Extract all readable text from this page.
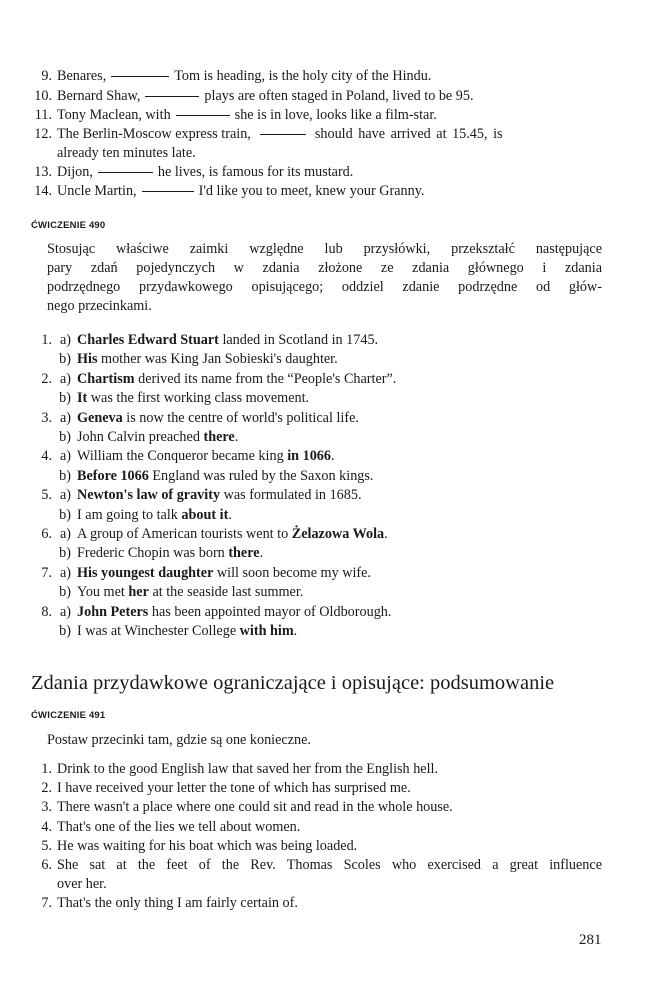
9. Benares,	Tom is heading, is the holy city of the Hindu.
10. Bernard Shaw,	plays are often staged in Poland, lived to be 95.
11. Tony Maclean, with	she is in love, looks like a film-star.
12. The Berlin-Moscow express train,	should have arrived at 15.45, is
already ten minutes late.
13. Dijon,	he lives, is famous for its mustard.
14. Uncle Martin,	I'd like you to meet, knew your Granny.
ĆWICZENIE 490
Stosując właściwe zaimki względne lub przysłówki, przekształć następujące
pary zdań pojedynczych w zdania złożone ze zdania głównego i zdania
podrzędnego przydawkowego opisującego; oddziel zdanie podrzędne od głów-
nego przecinkami.
1. a) Charles Edward Stuart landed in Scotland in 1745.
b) His mother was King Jan Sobieski's daughter.
2. a) Chartism derived its name from the “People's Charter”.
b) It was the first working class movement.
3. a) Geneva is now the centre of world's political life.
b) John Calvin preached there.
4. a) William the Conqueror became king in 1066.
b) Before 1066 England was ruled by the Saxon kings.
5. a) Newton's law of gravity was formulated in 1685.
b) I am going to talk about it.
6. a) A group of American tourists went to Żelazowa Wola.
b) Frederic Chopin was born there.
7. a) His youngest daughter will soon become my wife.
b) You met her at the seaside last summer.
8. a) John Peters has been appointed mayor of Oldborough.
b) I was at Winchester College with him.
Zdania przydawkowe ograniczające i opisujące: podsumowanie
ĆWICZENIE 491
Postaw przecinki tam, gdzie są one konieczne.
1. Drink to the good English law that saved her from the English hell.
2. I have received your letter the tone of which has surprised me.
3. There wasn't a place where one could sit and read in the whole house.
4. That's one of the lies we tell about women.
5. He was waiting for his boat which was being loaded.
6. She sat at the feet of the Rev. Thomas Scoles who exercised a great influence
over her.
7. That's the only thing I am fairly certain of.
281
